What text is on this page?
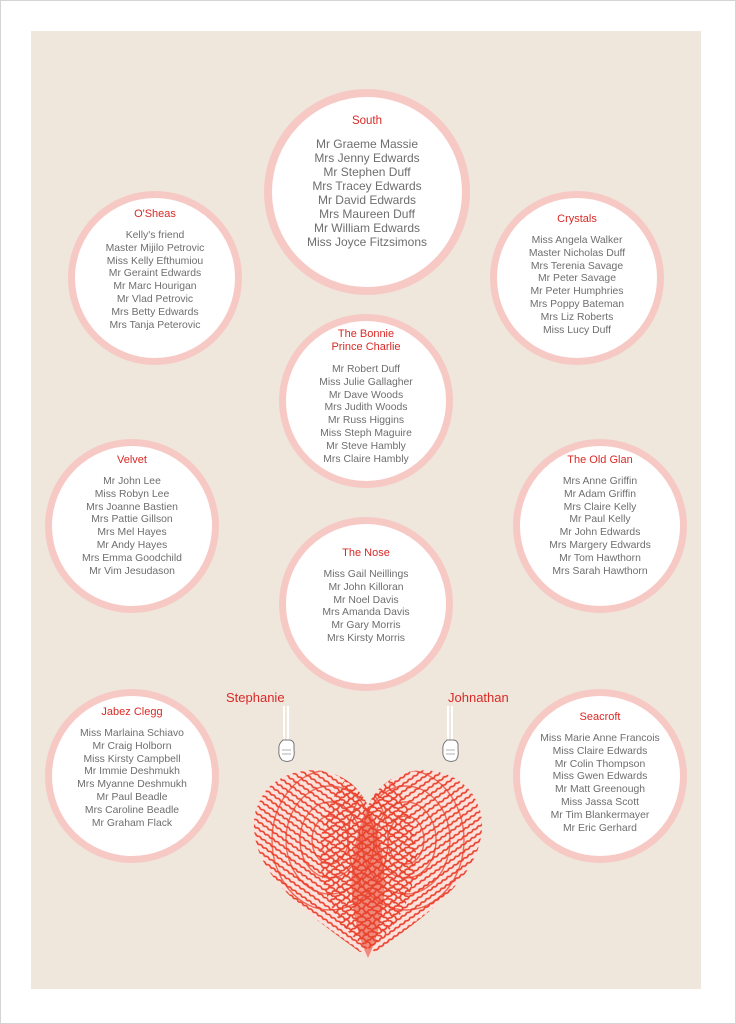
South
Mr Graeme Massie
Mrs Jenny Edwards
Mr Stephen Duff
Mrs Tracey Edwards
Mr David Edwards
Mrs Maureen Duff
Mr William Edwards
Miss Joyce Fitzsimons
O'Sheas
Kelly's friend
Master Mijilo Petrovic
Miss Kelly Efthumiou
Mr Geraint Edwards
Mr Marc Hourigan
Mr Vlad Petrovic
Mrs Betty Edwards
Mrs Tanja Peterovic
Crystals
Miss Angela Walker
Master Nicholas Duff
Mrs Terenia Savage
Mr Peter Savage
Mr Peter Humphries
Mrs Poppy Bateman
Mrs Liz Roberts
Miss Lucy Duff
The Bonnie
Prince Charlie
Mr Robert Duff
Miss Julie Gallagher
Mr Dave Woods
Mrs Judith Woods
Mr Russ Higgins
Miss Steph Maguire
Mr Steve Hambly
Mrs Claire Hambly
Velvet
Mr John Lee
Miss Robyn Lee
Mrs Joanne Bastien
Mrs Pattie Gillson
Mrs Mel Hayes
Mr Andy Hayes
Mrs Emma Goodchild
Mr Vim Jesudason
The Old Glan
Mrs Anne Griffin
Mr Adam Griffin
Mrs Claire Kelly
Mr Paul Kelly
Mr John Edwards
Mrs Margery Edwards
Mr Tom Hawthorn
Mrs Sarah Hawthorn
The Nose
Miss Gail Neillings
Mr John Killoran
Mr Noel Davis
Mrs Amanda Davis
Mr Gary Morris
Mrs Kirsty Morris
Jabez Clegg
Miss Marlaina Schiavo
Mr Craig Holborn
Miss Kirsty Campbell
Mr Immie Deshmukh
Mrs Myanne Deshmukh
Mr Paul Beadle
Mrs Caroline Beadle
Mr Graham Flack
Seacroft
Miss Marie Anne Francois
Miss Claire Edwards
Mr Colin Thompson
Miss Gwen Edwards
Mr Matt Greenough
Miss Jassa Scott
Mr Tim Blankermayer
Mr Eric Gerhard
Stephanie	Johnathan
